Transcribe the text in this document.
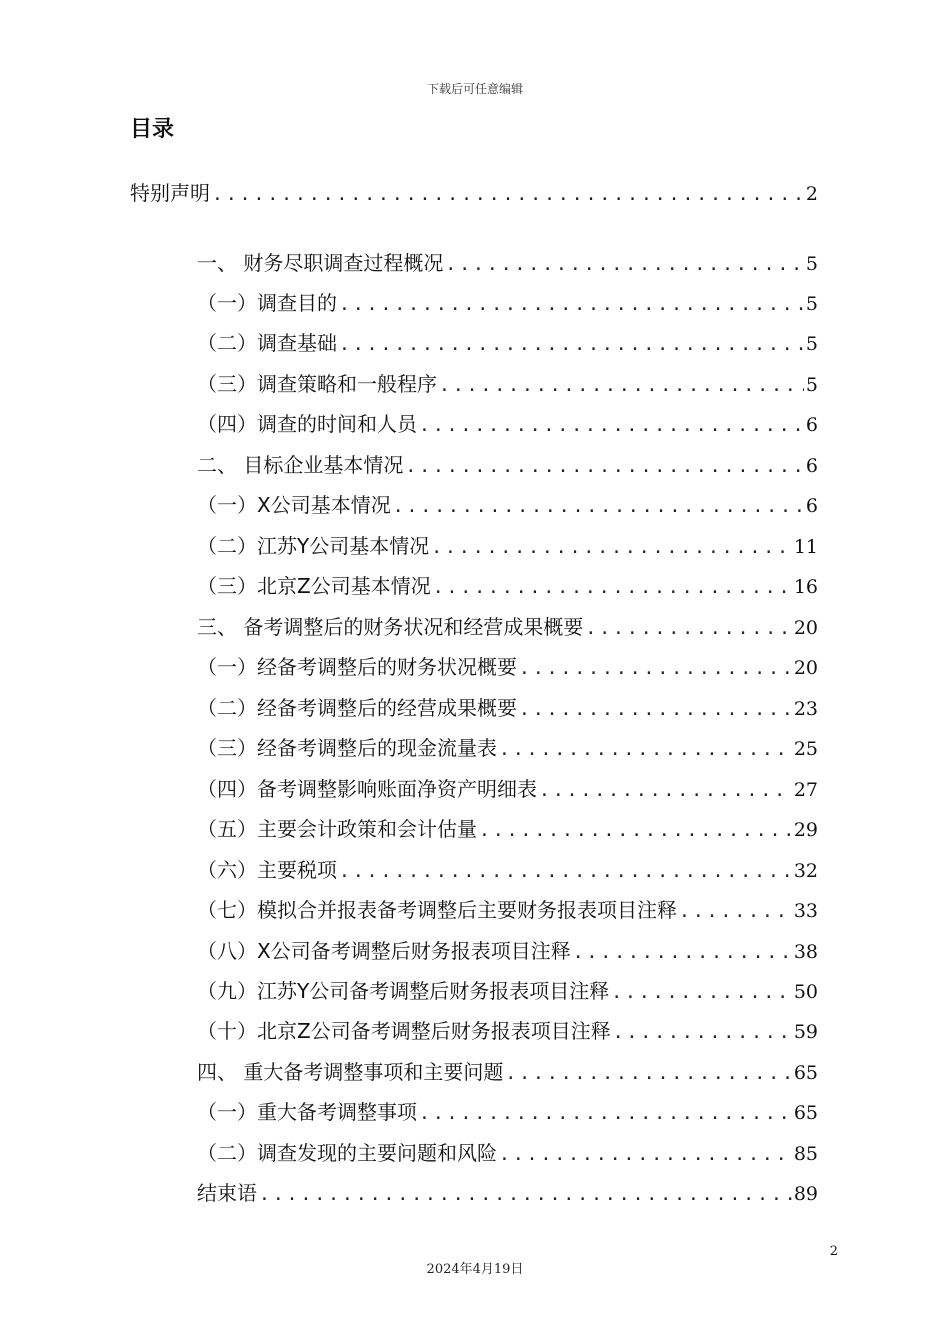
下载后可任意编辑
目录
特别声明 .....	2
一、 财务尽职调查过程概况 .....	5
（一）调查目的 .....	5
（二）调查基础 .....	5
（三）调查策略和一般程序 .....	5
（四）调查的时间和人员 .....	6
二、 目标企业基本情况 .....	6
（一）X公司基本情况 .....	6
（二）江苏Y公司基本情况 .....	11
（三）北京Z公司基本情况 .....	16
三、 备考调整后的财务状况和经营成果概要 .....	20
（一）经备考调整后的财务状况概要 .....	20
（二）经备考调整后的经营成果概要 .....	23
（三）经备考调整后的现金流量表 .....	25
（四）备考调整影响账面净资产明细表 .....	27
（五）主要会计政策和会计估量 .....	29
（六）主要税项 .....	32
（七）模拟合并报表备考调整后主要财务报表项目注释 .....	33
（八）X公司备考调整后财务报表项目注释 .....	38
（九）江苏Y公司备考调整后财务报表项目注释 .....	50
（十）北京Z公司备考调整后财务报表项目注释 .....	59
四、 重大备考调整事项和主要问题 .....	65
（一）重大备考调整事项 .....	65
（二）调查发现的主要问题和风险 .....	85
结束语 .....	89
2
2024年4月19日
